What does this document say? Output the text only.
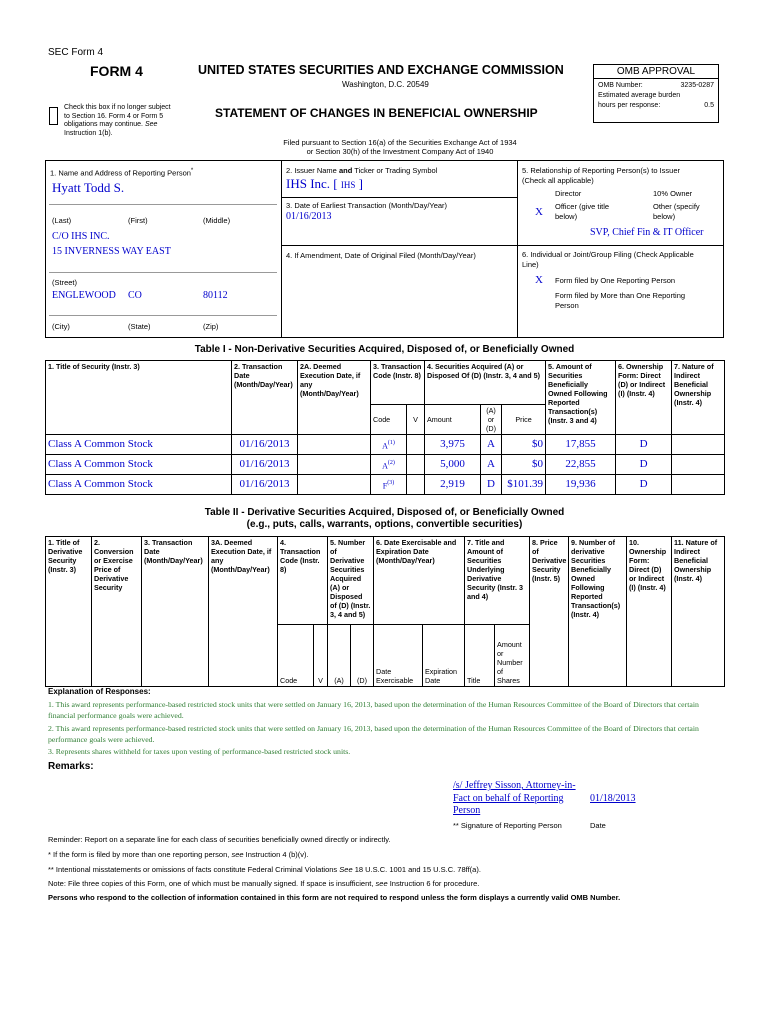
SEC Form 4
FORM 4	UNITED STATES SECURITIES AND EXCHANGE COMMISSION
Washington, D.C. 20549
Check this box if no longer subject
to Section 16. Form 4 or Form 5
obligations may continue. See
Instruction 1(b).
STATEMENT OF CHANGES IN BENEFICIAL OWNERSHIP
Filed pursuant to Section 16(a) of the Securities Exchange Act of 1934
or Section 30(h) of the Investment Company Act of 1940
OMB APPROVAL
OMB Number:	3235-0287
Estimated average burden
hours per response:	0.5
1. Name and Address of Reporting Person*
Hyatt Todd S.
(Last)	(First)	(Middle)
C/O IHS INC.
15 INVERNESS WAY EAST
(Street)
ENGLEWOOD CO	80112
(City)	(State)	(Zip)
2. Issuer Name and Ticker or Trading Symbol
IHS Inc. [ IHS ]
3. Date of Earliest Transaction (Month/Day/Year)
01/16/2013
4. If Amendment, Date of Original Filed (Month/Day/Year)
5. Relationship of Reporting Person(s) to Issuer
(Check all applicable)
Director	10% Owner
X Officer (give title
below)
Other (specify
below)
SVP, Chief Fin & IT Officer
6. Individual or Joint/Group Filing (Check Applicable
Line)
X Form filed by One Reporting Person
Form filed by More than One Reporting
Person
Table I - Non-Derivative Securities Acquired, Disposed of, or Beneficially Owned
1. Title of Security (Instr. 3)	2. Transaction Date (Month/Day/Year)	2A. Deemed Execution Date, if any (Month/Day/Year)	3. Transaction Code (Instr. 8)		4. Securities Acquired (A) or Disposed Of (D) (Instr. 3, 4 and 5)			5. Amount of Securities Beneficially Owned Following Reported Transaction(s) (Instr. 3 and 4)	6. Ownership Form: Direct (D) or Indirect (I) (Instr. 4)	7. Nature of Indirect Beneficial Ownership (Instr. 4)
			Code	V	Amount	(A) or (D)	Price			
Class A Common Stock	01/16/2013		$A^{(1)}$		3,975	A	$0	17,855	D	
Class A Common Stock	01/16/2013		$A^{(2)}$		5,000	A	$0	22,855	D	
Class A Common Stock	01/16/2013		$F^{(3)}$		2,919	D	$101.39	19,936	D	
Table II - Derivative Securities Acquired, Disposed of, or Beneficially Owned
(e.g., puts, calls, warrants, options, convertible securities)
1. Title of Derivative Security (Instr. 3)	2. Conversion or Exercise Price of Derivative Security	3. Transaction Date (Month/Day/Year)	3A. Deemed Execution Date, if any (Month/Day/Year)	4. Transaction Code (Instr. 8)		5. Number of Derivative Securities Acquired (A) or Disposed of (D) (Instr. 3, 4 and 5)		6. Date Exercisable and Expiration Date (Month/Day/Year)		7. Title and Amount of Securities Underlying Derivative Security (Instr. 3 and 4)		8. Price of Derivative Security (Instr. 5)	9. Number of derivative Securities Beneficially Owned Following Reported Transaction(s) (Instr. 4)	10. Ownership Form: Direct (D) or Indirect (I) (Instr. 4)	11. Nature of Indirect Beneficial Ownership (Instr. 4)
				Code	V	(A)	(D)	Date Exercisable	Expiration Date	Title	Amount or Number of Shares				
Explanation of Responses:
1. This award represents performance-based restricted stock units that were settled on January 16, 2013, based upon the determination of the Human Resources Committee of the Board of Directors that certain financial performance goals were achieved.
2. This award represents performance-based restricted stock units that were settled on January 16, 2013, based upon the determination of the Human Resources Committee of the Board of Directors that certain performance goals were achieved.
3. Represents shares withheld for taxes upon vesting of performance-based restricted stock units.
Remarks:
/s/ Jeffrey Sisson, Attorney-in-
Fact on behalf of Reporting
Person
01/18/2013
** Signature of Reporting Person	Date
Reminder: Report on a separate line for each class of securities beneficially owned directly or indirectly.
* If the form is filed by more than one reporting person, see Instruction 4 (b)(v).
** Intentional misstatements or omissions of facts constitute Federal Criminal Violations See 18 U.S.C. 1001 and 15 U.S.C. 78ff(a).
Note: File three copies of this Form, one of which must be manually signed. If space is insufficient, see Instruction 6 for procedure.
Persons who respond to the collection of information contained in this form are not required to respond unless the form displays a currently valid OMB Number.
